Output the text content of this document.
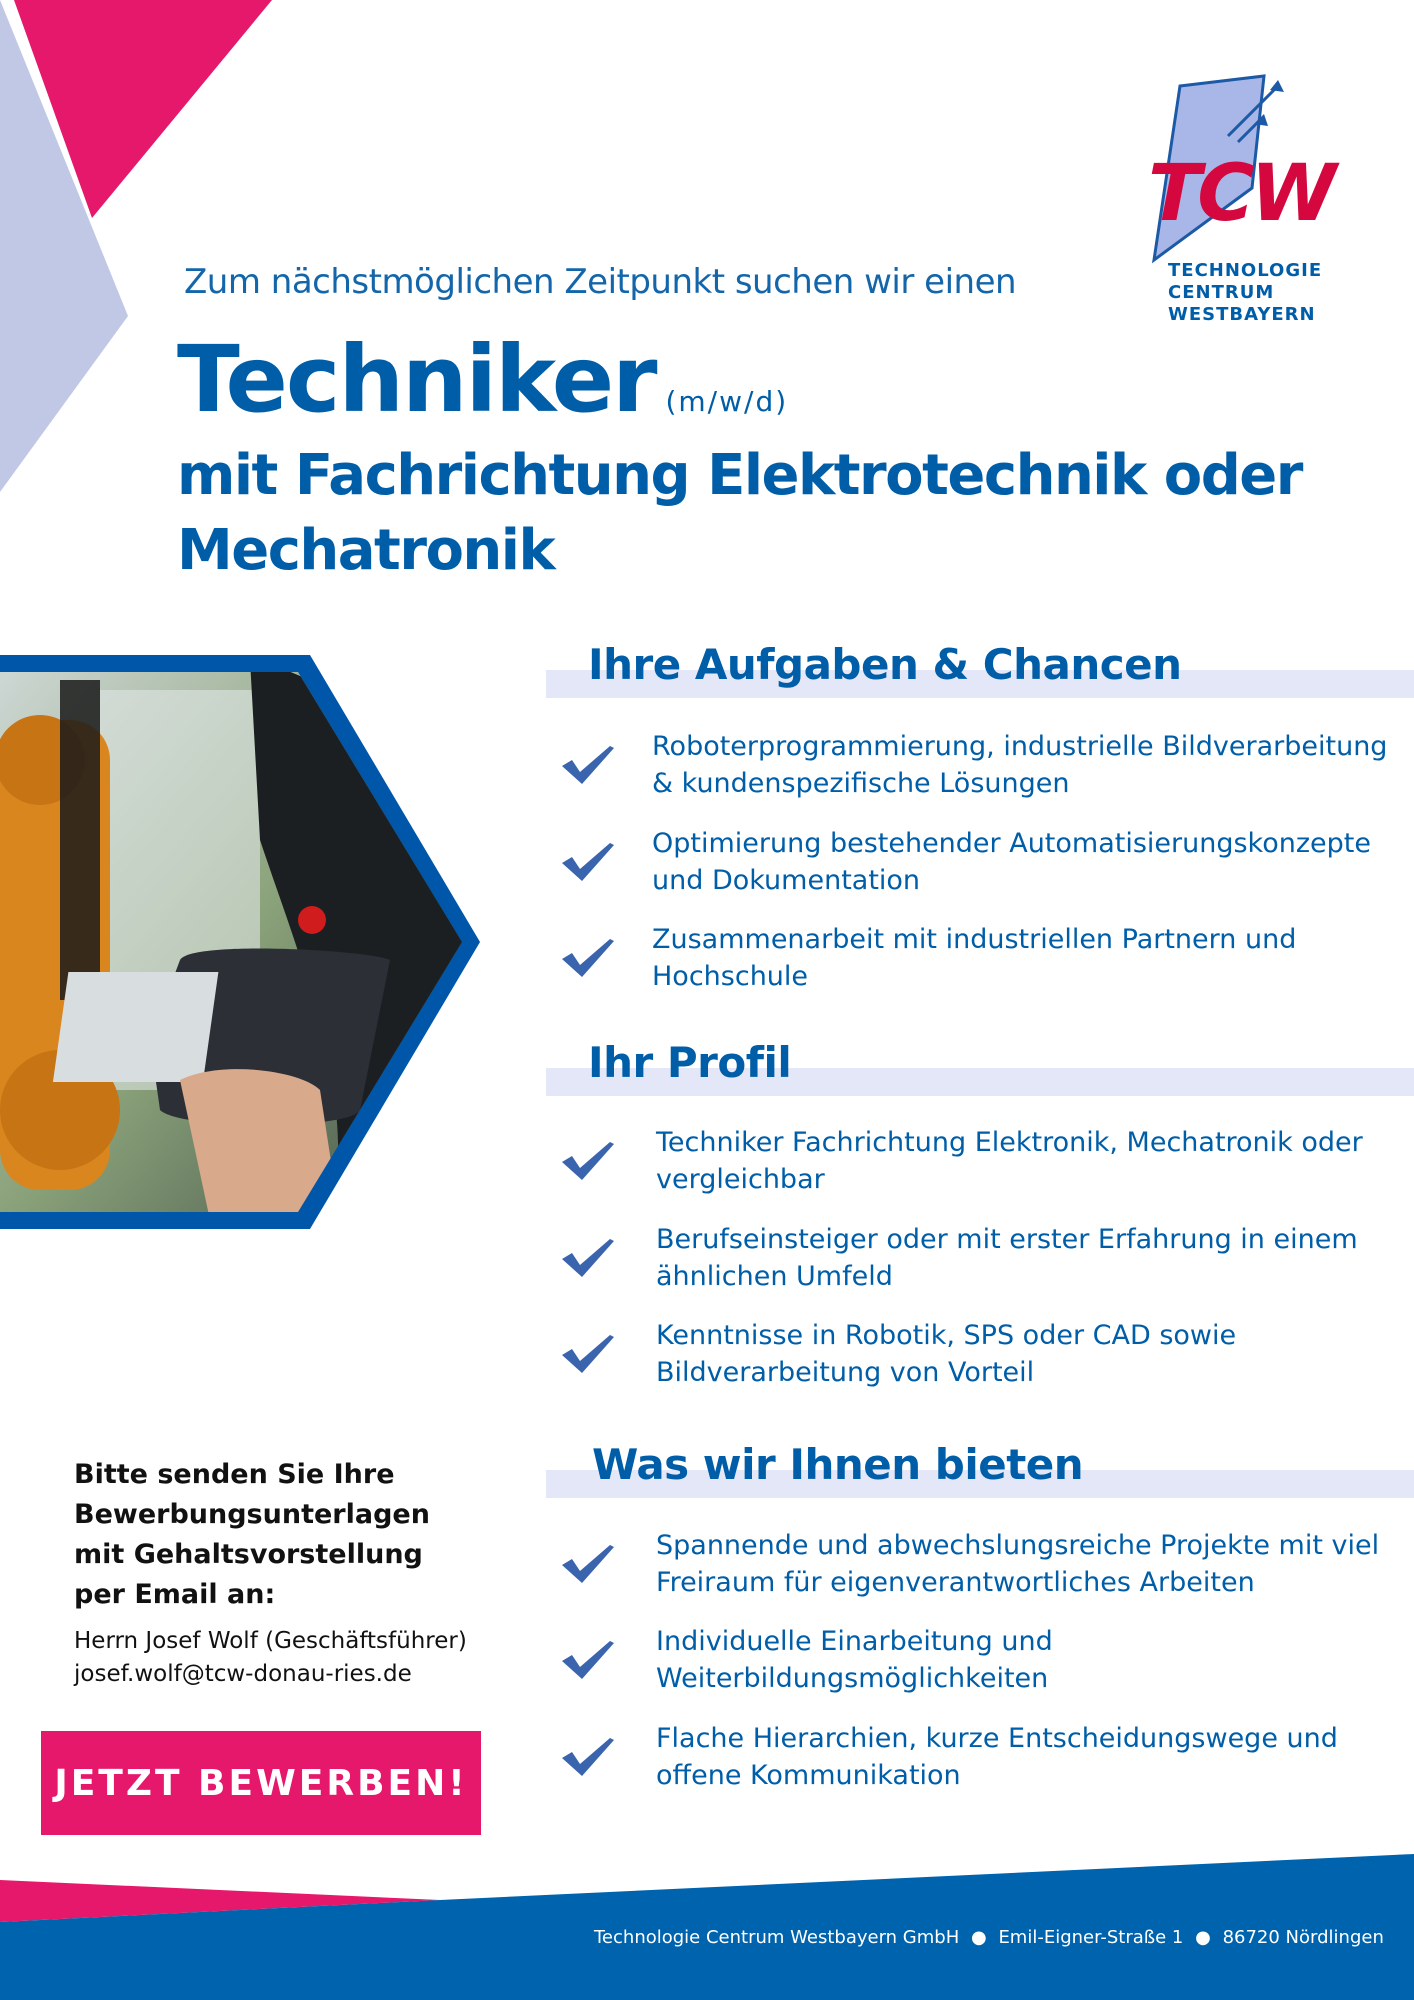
TCW
TECHNOLOGIE
CENTRUM
WESTBAYERN
Zum nächstmöglichen Zeitpunkt suchen wir einen
Techniker (m/w/d)
mit Fachrichtung Elektrotechnik oder Mechatronik
Ihre Aufgaben & Chancen
Roboterprogrammierung, industrielle Bildverarbeitung & kundenspezifische Lösungen
Optimierung bestehender Automatisierungskonzepte und Dokumentation
Zusammenarbeit mit industriellen Partnern und Hochschule
Ihr Profil
Techniker Fachrichtung Elektronik, Mechatronik oder vergleichbar
Berufseinsteiger oder mit erster Erfahrung in einem ähnlichen Umfeld
Kenntnisse in Robotik, SPS oder CAD sowie Bildverarbeitung von Vorteil
Was wir Ihnen bieten
Spannende und abwechslungsreiche Projekte mit viel Freiraum für eigenverantwortliches Arbeiten
Individuelle Einarbeitung und Weiterbildungsmöglichkeiten
Flache Hierarchien, kurze Entscheidungswege und offene Kommunikation
Bitte senden Sie Ihre Bewerbungsunterlagen mit Gehaltsvorstellung per Email an:
Herrn Josef Wolf (Geschäftsführer)
josef.wolf@tcw-donau-ries.de
JETZT BEWERBEN!
Technologie Centrum Westbayern GmbH ● Emil-Eigner-Straße 1 ● 86720 Nördlingen
